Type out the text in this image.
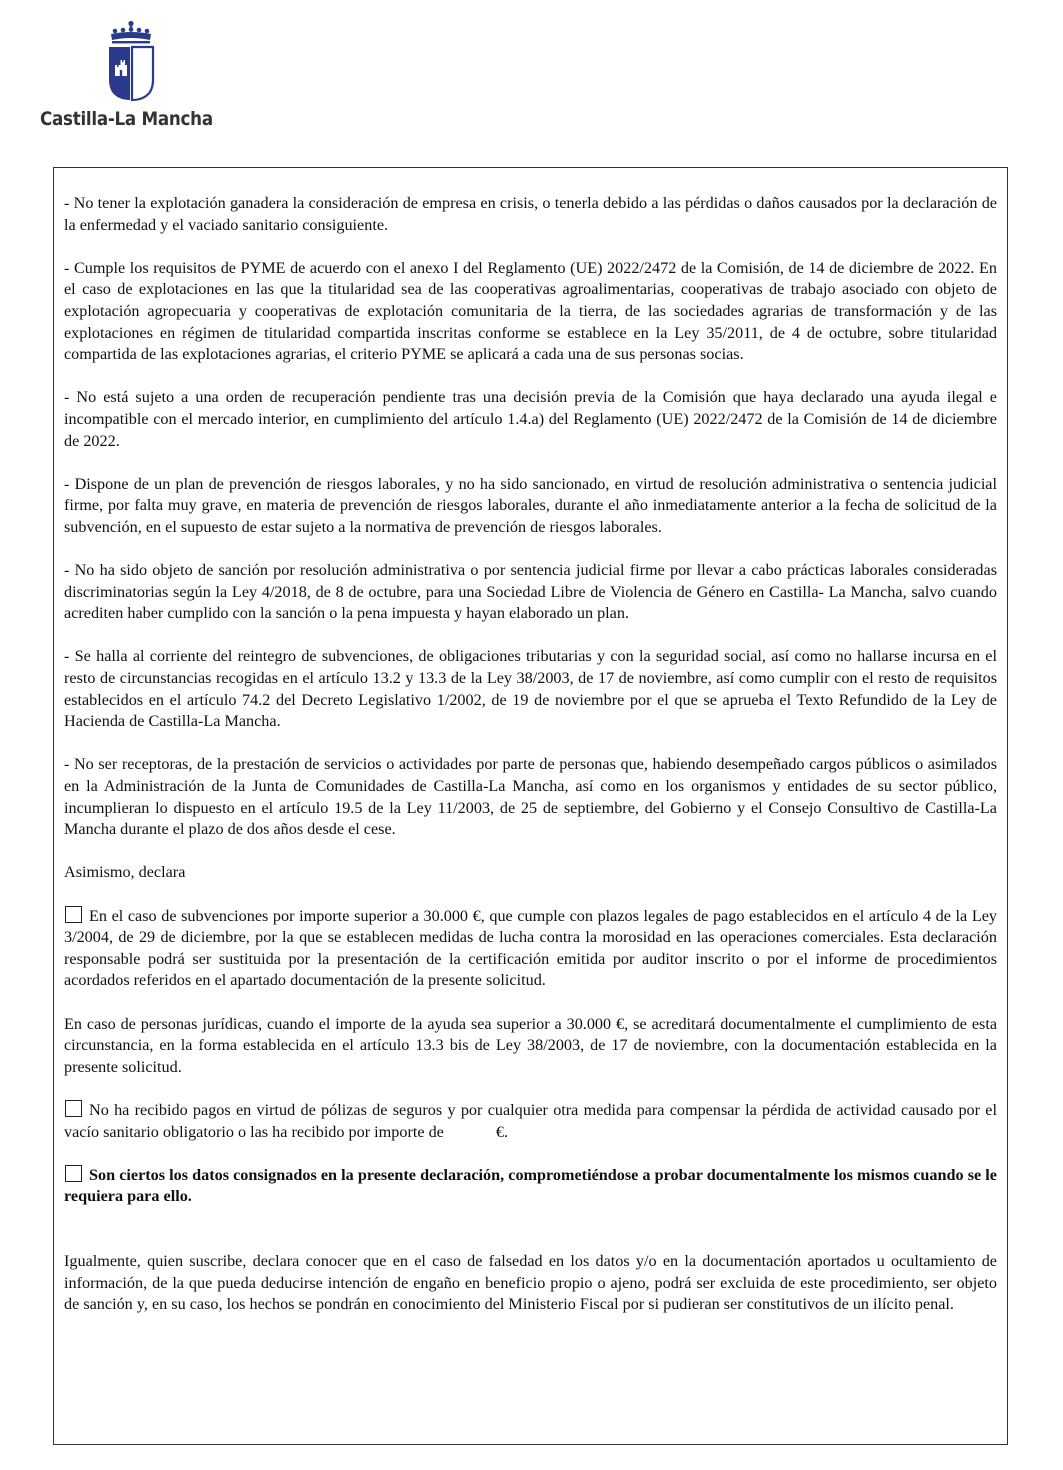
Castilla-La Mancha

- No tener la explotación ganadera la consideración de empresa en crisis, o tenerla debido a las pérdidas o daños causados por la declaración de la enfermedad y el vaciado sanitario consiguiente.

- Cumple los requisitos de PYME de acuerdo con el anexo I del Reglamento (UE) 2022/2472 de la Comisión, de 14 de diciembre de 2022. En el caso de explotaciones en las que la titularidad sea de las cooperativas agroalimentarias, cooperativas de trabajo asociado con objeto de explotación agropecuaria y cooperativas de explotación comunitaria de la tierra, de las sociedades agrarias de transformación y de las explotaciones en régimen de titularidad compartida inscritas conforme se establece en la Ley 35/2011, de 4 de octubre, sobre titularidad compartida de las explotaciones agrarias, el criterio PYME se aplicará a cada una de sus personas socias.

- No está sujeto a una orden de recuperación pendiente tras una decisión previa de la Comisión que haya declarado una ayuda ilegal e incompatible con el mercado interior, en cumplimiento del artículo 1.4.a) del Reglamento (UE) 2022/2472 de la Comisión de 14 de diciembre de 2022.

- Dispone de un plan de prevención de riesgos laborales, y no ha sido sancionado, en virtud de resolución administrativa o sentencia judicial firme, por falta muy grave, en materia de prevención de riesgos laborales, durante el año inmediatamente anterior a la fecha de solicitud de la subvención, en el supuesto de estar sujeto a la normativa de prevención de riesgos laborales.

- No ha sido objeto de sanción por resolución administrativa o por sentencia judicial firme por llevar a cabo prácticas laborales consideradas discriminatorias según la Ley 4/2018, de 8 de octubre, para una Sociedad Libre de Violencia de Género en Castilla- La Mancha, salvo cuando acrediten haber cumplido con la sanción o la pena impuesta y hayan elaborado un plan.

- Se halla al corriente del reintegro de subvenciones, de obligaciones tributarias y con la seguridad social, así como no hallarse incursa en el resto de circunstancias recogidas en el artículo 13.2 y 13.3 de la Ley 38/2003, de 17 de noviembre, así como cumplir con el resto de requisitos establecidos en el artículo 74.2 del Decreto Legislativo 1/2002, de 19 de noviembre por el que se aprueba el Texto Refundido de la Ley de Hacienda de Castilla-La Mancha.

- No ser receptoras, de la prestación de servicios o actividades por parte de personas que, habiendo desempeñado cargos públicos o asimilados en la Administración de la Junta de Comunidades de Castilla-La Mancha, así como en los organismos y entidades de su sector público, incumplieran lo dispuesto en el artículo 19.5 de la Ley 11/2003, de 25 de septiembre, del Gobierno y el Consejo Consultivo de Castilla-La Mancha durante el plazo de dos años desde el cese.

Asimismo, declara

En el caso de subvenciones por importe superior a 30.000 €, que cumple con plazos legales de pago establecidos en el artículo 4 de la Ley 3/2004, de 29 de diciembre, por la que se establecen medidas de lucha contra la morosidad en las operaciones comerciales. Esta declaración responsable podrá ser sustituida por la presentación de la certificación emitida por auditor inscrito o por el informe de procedimientos acordados referidos en el apartado documentación de la presente solicitud.

En caso de personas jurídicas, cuando el importe de la ayuda sea superior a 30.000 €, se acreditará documentalmente el cumplimiento de esta circunstancia, en la forma establecida en el artículo 13.3 bis de Ley 38/2003, de 17 de noviembre, con la documentación establecida en la presente solicitud.

No ha recibido pagos en virtud de pólizas de seguros y por cualquier otra medida para compensar la pérdida de actividad causado por el vacío sanitario obligatorio o las ha recibido por importe de	€.

Son ciertos los datos consignados en la presente declaración, comprometiéndose a probar documentalmente los mismos cuando se le requiera para ello.

Igualmente, quien suscribe, declara conocer que en el caso de falsedad en los datos y/o en la documentación aportados u ocultamiento de información, de la que pueda deducirse intención de engaño en beneficio propio o ajeno, podrá ser excluida de este procedimiento, ser objeto de sanción y, en su caso, los hechos se pondrán en conocimiento del Ministerio Fiscal por si pudieran ser constitutivos de un ilícito penal.
